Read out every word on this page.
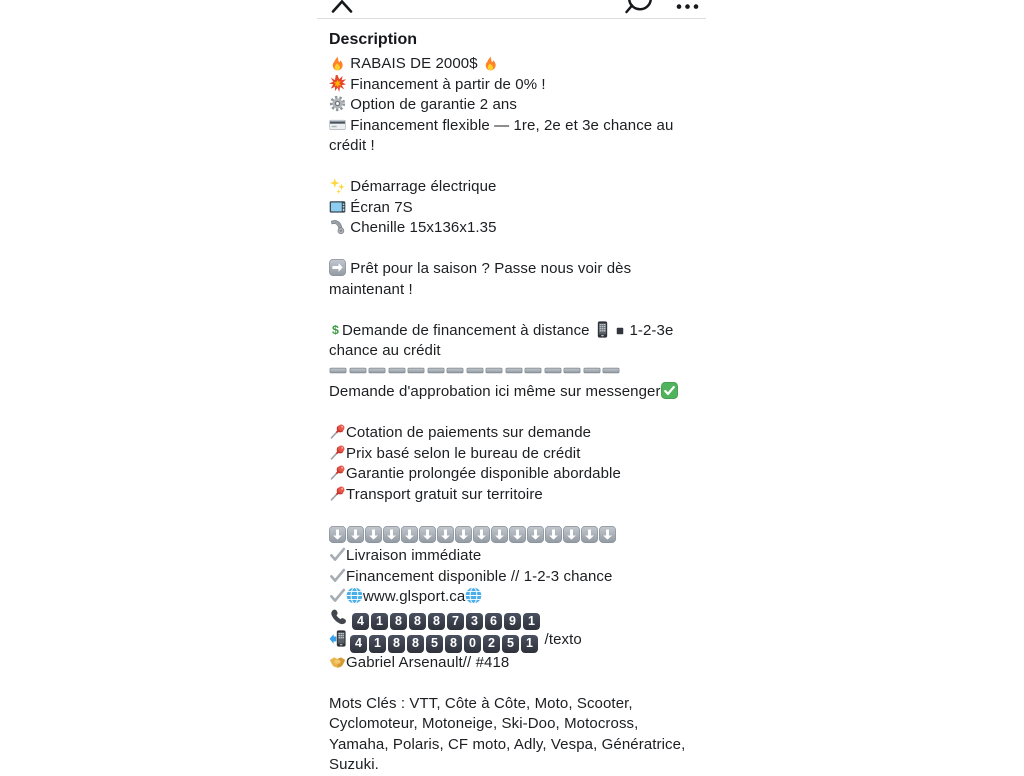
Description
RABAIS DE 2000$
Financement à partir de 0% !
Option de garantie 2 ans
Financement flexible — 1re, 2e et 3e chance au
crédit !
Démarrage électrique
Écran 7S
Chenille 15x136x1.35
Prêt pour la saison ? Passe nous voir dès
maintenant !
Demande de financement à distance   1-2-3e
chance au crédit
Demande d'approbation ici même sur messenger
Cotation de paiements sur demande
Prix basé selon le bureau de crédit
Garantie prolongée disponible abordable
Transport gratuit sur territoire
Livraison immédiate
Financement disponible // 1-2-3 chance
www.glsport.ca
4 1 8 8 8 7 3 6 9 1
4 1 8 8 5 8 0 2 5 1 /texto
Gabriel Arsenault// #418
Mots Clés : VTT, Côte à Côte, Moto, Scooter,
Cyclomoteur, Motoneige, Ski-Doo, Motocross,
Yamaha, Polaris, CF moto, Adly, Vespa, Génératrice,
Suzuki.
